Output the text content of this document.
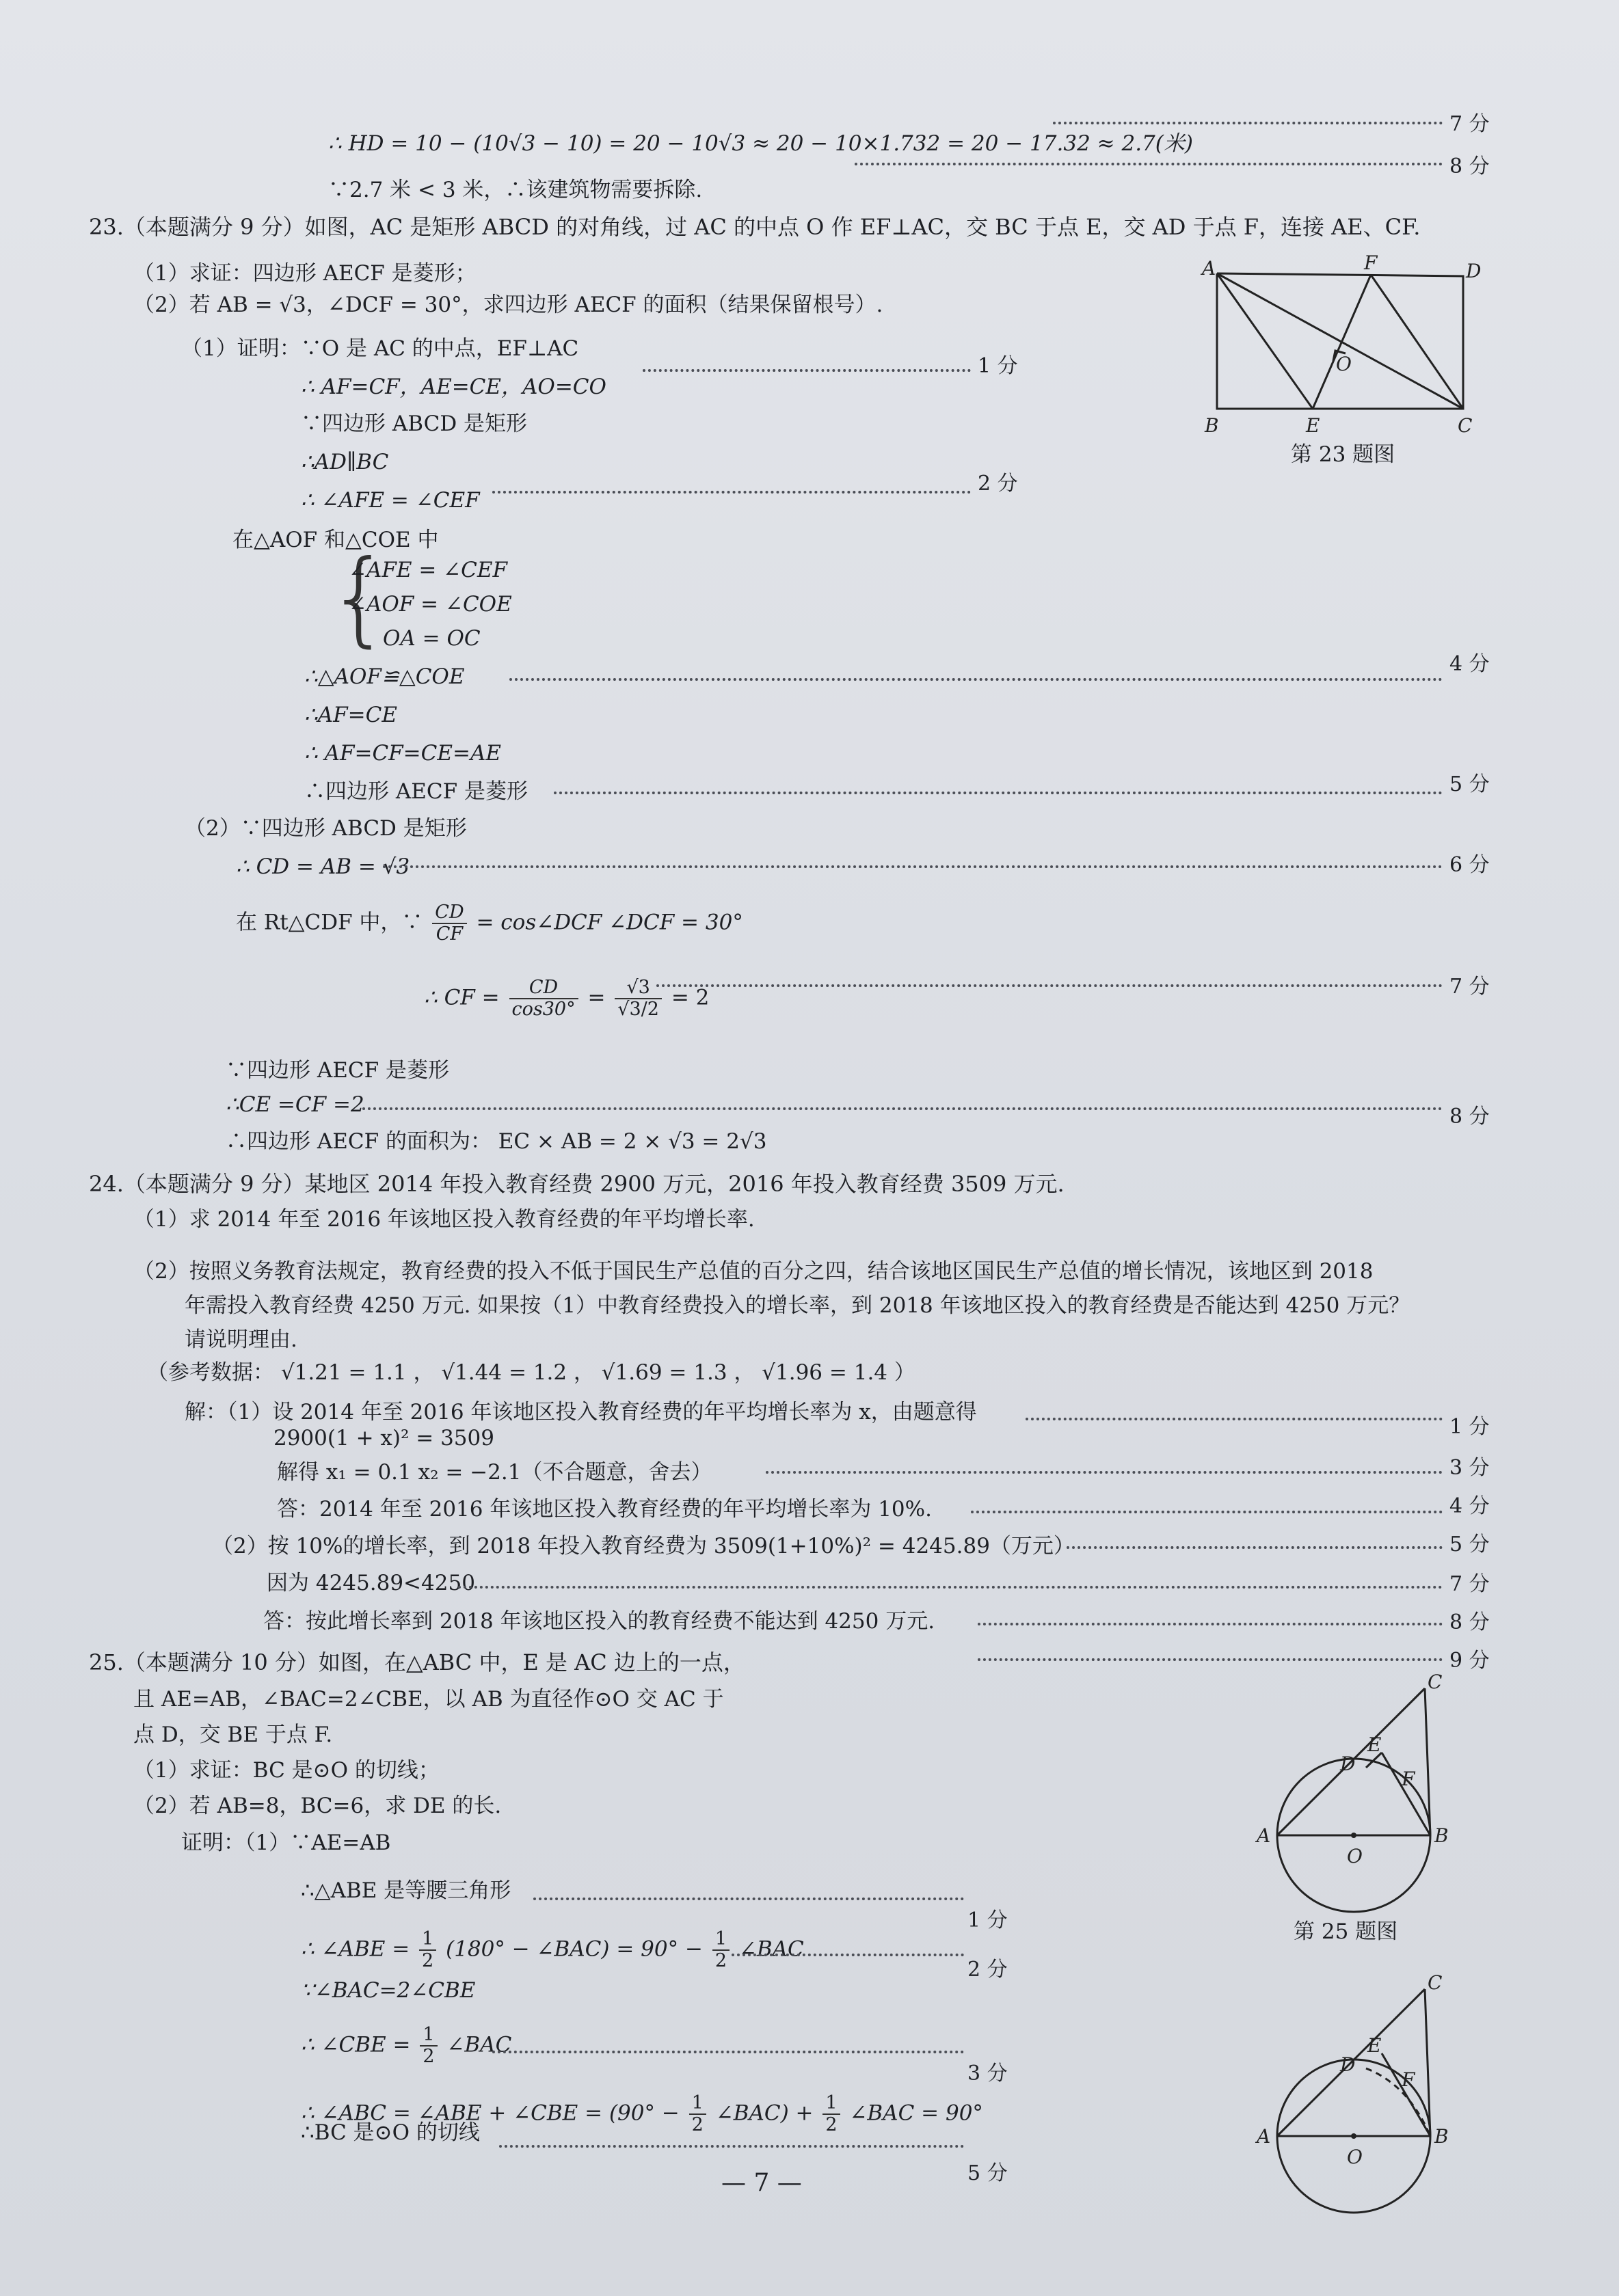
∴ HD = 10 − (10√3 − 10) = 20 − 10√3 ≈ 20 − 10×1.732 = 20 − 17.32 ≈ 2.7(米)
7 分
8 分
∵2.7 米 < 3 米，∴该建筑物需要拆除.
23.（本题满分 9 分）如图，AC 是矩形 ABCD 的对角线，过 AC 的中点 O 作 EF⊥AC，交 BC 于点 E，交 AD 于点 F，连接 AE、CF.
（1）求证：四边形 AECF 是菱形；
（2）若 AB = √3，∠DCF = 30°，求四边形 AECF 的面积（结果保留根号）.
（1）证明：∵O 是 AC 的中点，EF⊥AC
∴ AF=CF，AE=CE，AO=CO
1 分
∵四边形 ABCD 是矩形
∴AD∥BC
∴ ∠AFE = ∠CEF
2 分
在△AOF 和△COE 中
{
∠AFE = ∠CEF
∠AOF = ∠COE
OA = OC
∴△AOF≌△COE
4 分
∴AF=CE
∴ AF=CF=CE=AE
∴四边形 AECF 是菱形	5 分
（2）∵四边形 ABCD 是矩形
∴ CD = AB = √3	6 分
在 Rt△CDF 中，∵ $\frac{CD}{CF}$ = cos∠DCF ∠DCF = 30°
∴ CF = $\frac{CD}{\cos 30^\circ} = \frac{√3}{√3/2} = 2$	7 分
∵四边形 AECF 是菱形
∴CE =CF =2	8 分
∴四边形 AECF 的面积为： EC × AB = 2 × √3 = 2√3
A	F	D
O
B	E	C
第 23 题图
24.（本题满分 9 分）某地区 2014 年投入教育经费 2900 万元，2016 年投入教育经费 3509 万元.
（1）求 2014 年至 2016 年该地区投入教育经费的年平均增长率.
（2）按照义务教育法规定，教育经费的投入不低于国民生产总值的百分之四，结合该地区国民生产总值的增长情况，该地区到 2018
年需投入教育经费 4250 万元. 如果按（1）中教育经费投入的增长率，到 2018 年该地区投入的教育经费是否能达到 4250 万元？
请说明理由.
（参考数据： √1.21 = 1.1 ， √1.44 = 1.2 ， √1.69 = 1.3 ， √1.96 = 1.4 ）
解：（1）设 2014 年至 2016 年该地区投入教育经费的年平均增长率为 x，由题意得
1 分
2900(1 + x)² = 3509
解得 x₁ = 0.1 x₂ = −2.1（不合题意，舍去）	3 分
答：2014 年至 2016 年该地区投入教育经费的年平均增长率为 10%.	4 分
（2）按 10%的增长率，到 2018 年投入教育经费为 3509(1+10%)² = 4245.89（万元）	5 分
因为 4245.89<4250	7 分
答：按此增长率到 2018 年该地区投入的教育经费不能达到 4250 万元.	8 分
9 分
25.（本题满分 10 分）如图，在△ABC 中，E 是 AC 边上的一点，
且 AE=AB，∠BAC=2∠CBE，以 AB 为直径作⊙O 交 AC 于
点 D，交 BE 于点 F.
（1）求证：BC 是⊙O 的切线；
（2）若 AB=8，BC=6，求 DE 的长.
证明：（1）∵AE=AB
∴△ABE 是等腰三角形
1 分
∴ ∠ABE = $\frac{1}{2} (180^\circ$ − ∠BAC) = $90^\circ - \frac{1}{2}$ ∠BAC
2 分
∵∠BAC=2∠CBE
∴ ∠CBE = $\frac{1}{2}$ ∠BAC
3 分
∴ ∠ABC = ∠ABE + ∠CBE = ($90^\circ - \frac{1}{2}$ ∠BAC) + $\frac{1}{2}$ ∠BAC = 90°
∴BC 是⊙O 的切线
5 分
C
E
D
F
A	B
O
第 25 题图
C
E
D
F
A	B
O
— 7 —
